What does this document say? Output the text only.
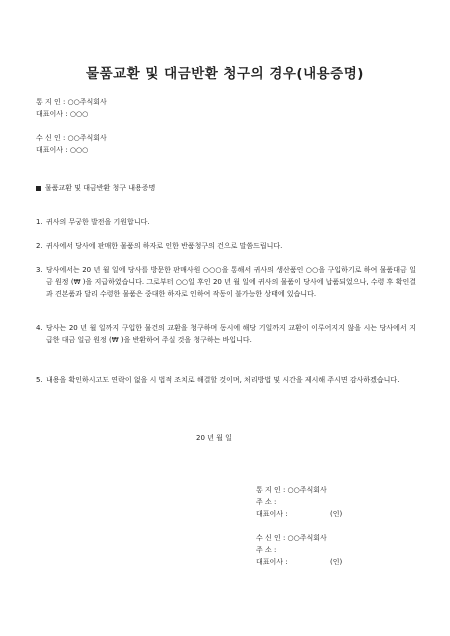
물품교환 및 대금반환 청구의 경우(내용증명)
통 지 인 : ○○주식회사
대표이사 : ○○○
수 신 인 : ○○주식회사
대표이사 : ○○○
물품교환 및 대금반환 청구 내용증명
1. 귀사의 무궁한 발전을 기원합니다.
2. 귀사에서 당사에 판매한 물품의 하자로 인한 반품청구의 건으로 말씀드립니다.
3. 당사에서는 20 년 월 일에 당사를 방문한 판매사원 ○○○을 통해서 귀사의 생산품인 ○○을 구입하기로 하여 물품대금 일금 원정 (₩ )을 지급하였습니다. 그로부터 ○○일 후인 20 년 월 일에 귀사의 물품이 당사에 납품되었으나, 수령 후 확인결과 견본품과 달리 수령한 물품은 중대한 하자로 인하여 작동이 불가능한 상태에 있습니다.
4. 당사는 20 년 월 일까지 구입한 물건의 교환을 청구하며 동시에 해당 기일까지 교환이 이루어지지 않을 시는 당사에서 지급한 대금 일금 원정 (₩ )을 반환하여 주실 것을 청구하는 바입니다.
5. 내용을 확인하시고도 연락이 없을 시 법적 조치로 해결할 것이며, 처리방법 및 시간을 제시해 주시면 감사하겠습니다.
20 년 월 일
통 지 인 : ○○주식회사
주 소 :
대표이사 :	(인)
수 신 인 : ○○주식회사
주 소 :
대표이사 :	(인)
